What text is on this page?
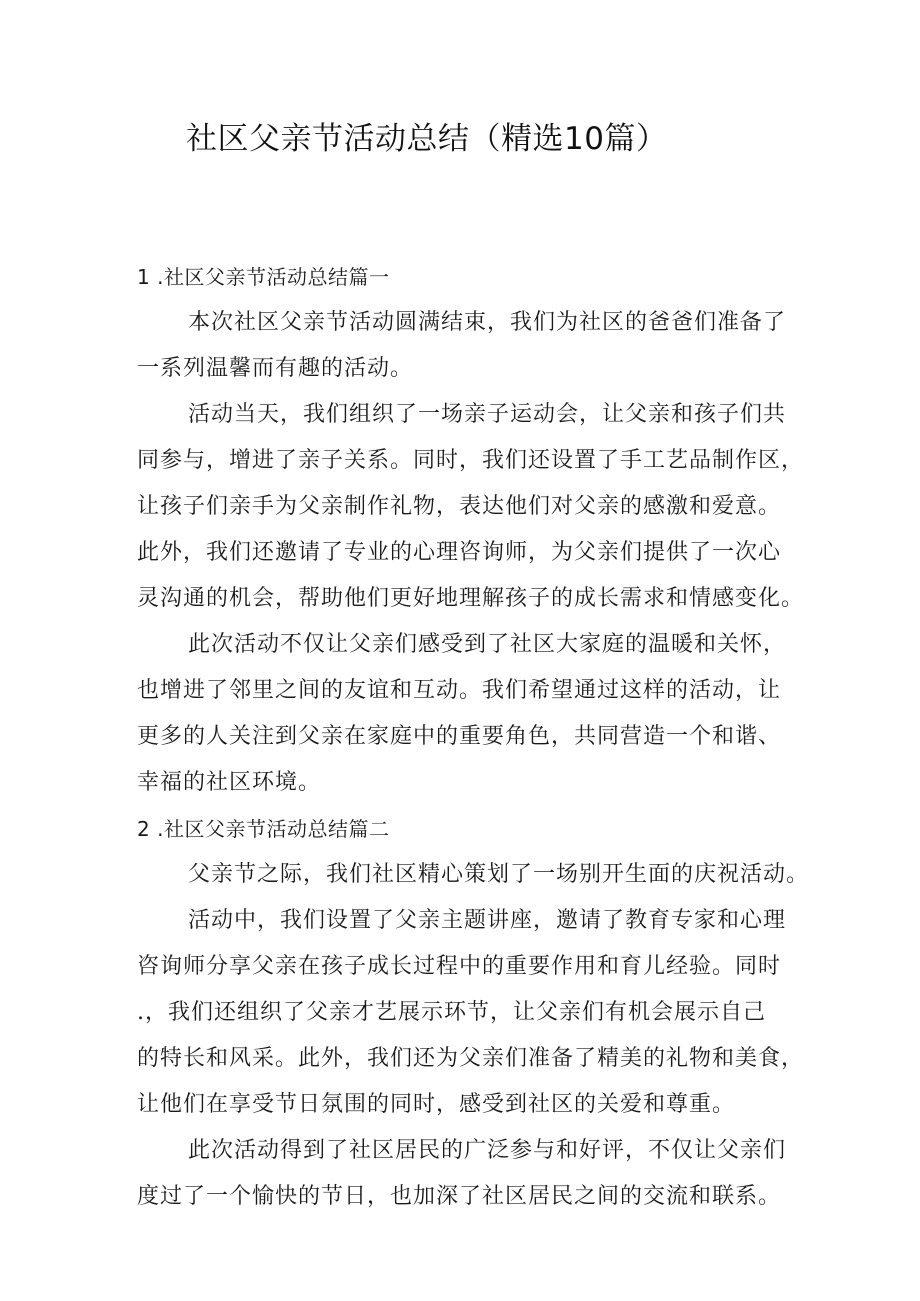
社区父亲节活动总结（精选10篇）
1 .社区父亲节活动总结篇一
本次社区父亲节活动圆满结束，我们为社区的爸爸们准备了
一系列温馨而有趣的活动。
活动当天，我们组织了一场亲子运动会，让父亲和孩子们共
同参与，增进了亲子关系。同时，我们还设置了手工艺品制作区，
让孩子们亲手为父亲制作礼物，表达他们对父亲的感激和爱意。
此外，我们还邀请了专业的心理咨询师，为父亲们提供了一次心
灵沟通的机会，帮助他们更好地理解孩子的成长需求和情感变化。
此次活动不仅让父亲们感受到了社区大家庭的温暖和关怀，
也增进了邻里之间的友谊和互动。我们希望通过这样的活动，让
更多的人关注到父亲在家庭中的重要角色，共同营造一个和谐、
幸福的社区环境。
2 .社区父亲节活动总结篇二
父亲节之际，我们社区精心策划了一场别开生面的庆祝活动。
活动中，我们设置了父亲主题讲座，邀请了教育专家和心理
咨询师分享父亲在孩子成长过程中的重要作用和育儿经验。同时
.，我们还组织了父亲才艺展示环节，让父亲们有机会展示自己
的特长和风采。此外，我们还为父亲们准备了精美的礼物和美食，
让他们在享受节日氛围的同时，感受到社区的关爱和尊重。
此次活动得到了社区居民的广泛参与和好评，不仅让父亲们
度过了一个愉快的节日，也加深了社区居民之间的交流和联系。
